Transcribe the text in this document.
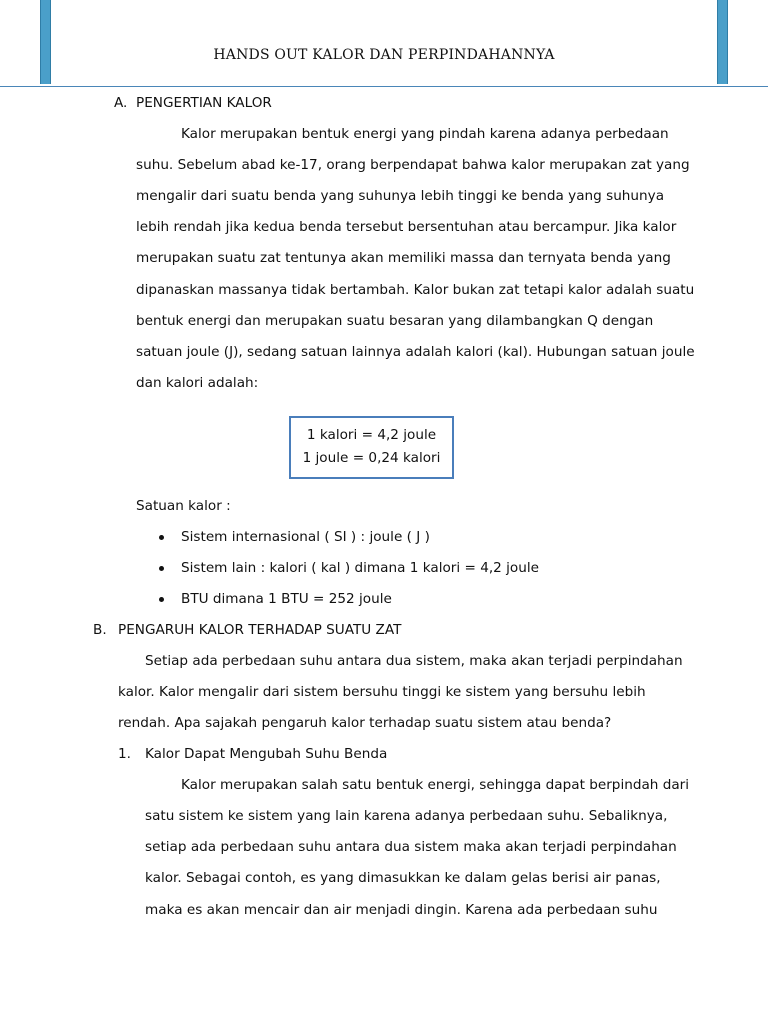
HANDS OUT KALOR DAN PERPINDAHANNYA
A. PENGERTIAN KALOR
Kalor merupakan bentuk energi yang pindah karena adanya perbedaan
suhu. Sebelum abad ke-17, orang berpendapat bahwa kalor merupakan zat yang
mengalir dari suatu benda yang suhunya lebih tinggi ke benda yang suhunya
lebih rendah jika kedua benda tersebut bersentuhan atau bercampur. Jika kalor
merupakan suatu zat tentunya akan memiliki massa dan ternyata benda yang
dipanaskan massanya tidak bertambah. Kalor bukan zat tetapi kalor adalah suatu
bentuk energi dan merupakan suatu besaran yang dilambangkan Q dengan
satuan joule (J), sedang satuan lainnya adalah kalori (kal). Hubungan satuan joule
dan kalori adalah:
1 kalori = 4,2 joule
1 joule = 0,24 kalori
Satuan kalor :
Sistem internasional ( SI ) : joule ( J )
Sistem lain : kalori ( kal ) dimana 1 kalori = 4,2 joule
BTU dimana 1 BTU = 252 joule
B. PENGARUH KALOR TERHADAP SUATU ZAT
Setiap ada perbedaan suhu antara dua sistem, maka akan terjadi perpindahan
kalor. Kalor mengalir dari sistem bersuhu tinggi ke sistem yang bersuhu lebih
rendah. Apa sajakah pengaruh kalor terhadap suatu sistem atau benda?
1. Kalor Dapat Mengubah Suhu Benda
Kalor merupakan salah satu bentuk energi, sehingga dapat berpindah dari
satu sistem ke sistem yang lain karena adanya perbedaan suhu. Sebaliknya,
setiap ada perbedaan suhu antara dua sistem maka akan terjadi perpindahan
kalor. Sebagai contoh, es yang dimasukkan ke dalam gelas berisi air panas,
maka es akan mencair dan air menjadi dingin. Karena ada perbedaan suhu
